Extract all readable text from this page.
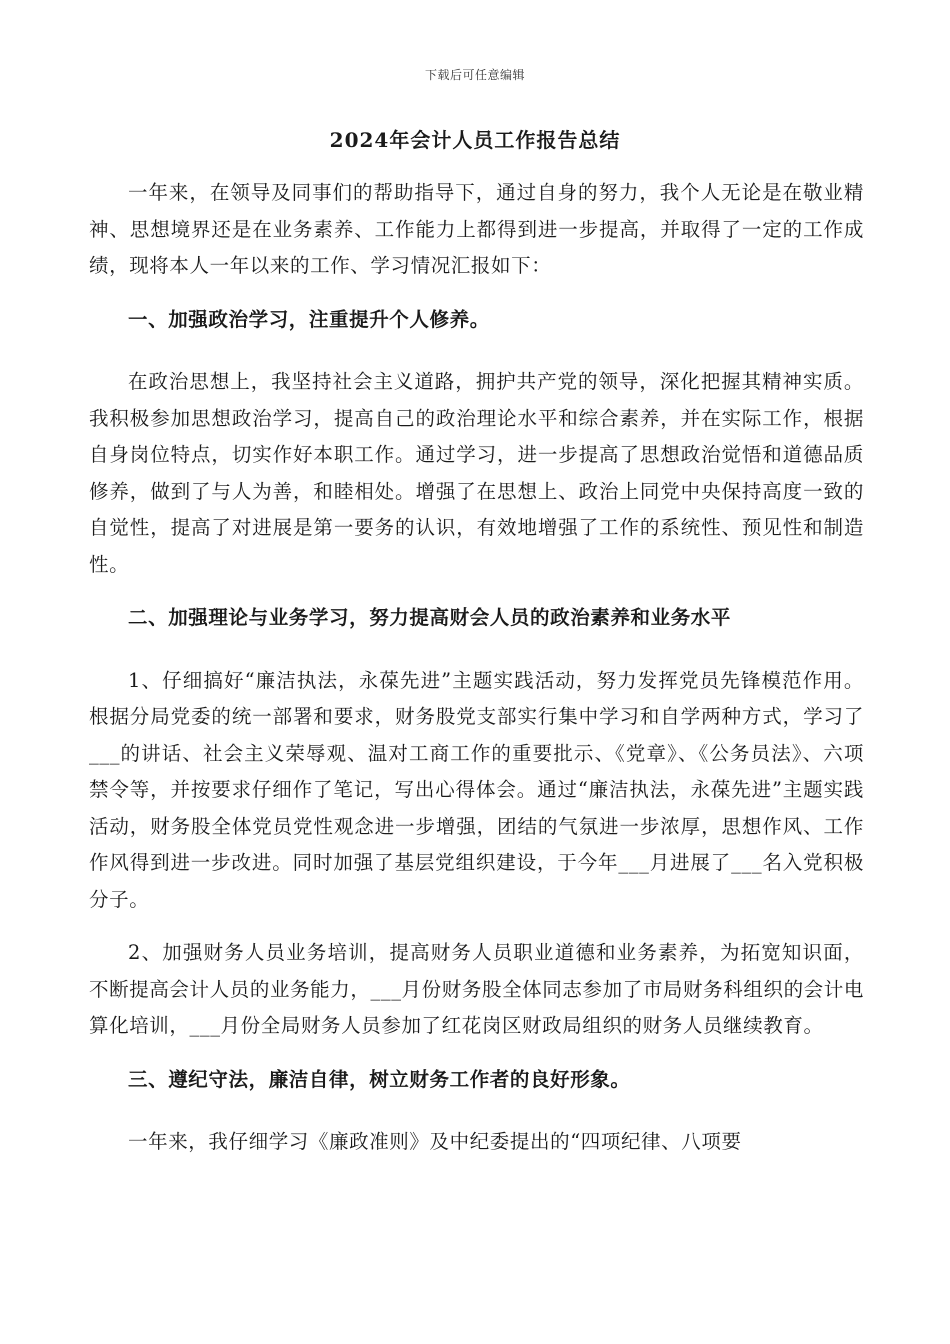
下载后可任意编辑
2024年会计人员工作报告总结

一年来，在领导及同事们的帮助指导下，通过自身的努力，我个人无论是在敬业精神、思想境界还是在业务素养、工作能力上都得到进一步提高，并取得了一定的工作成绩，现将本人一年以来的工作、学习情况汇报如下：

一、加强政治学习，注重提升个人修养。

在政治思想上，我坚持社会主义道路，拥护共产党的领导，深化把握其精神实质。我积极参加思想政治学习，提高自己的政治理论水平和综合素养，并在实际工作，根据自身岗位特点，切实作好本职工作。通过学习，进一步提高了思想政治觉悟和道德品质修养，做到了与人为善，和睦相处。增强了在思想上、政治上同党中央保持高度一致的自觉性，提高了对进展是第一要务的认识，有效地增强了工作的系统性、预见性和制造性。

二、加强理论与业务学习，努力提高财会人员的政治素养和业务水平

1、仔细搞好“廉洁执法，永葆先进”主题实践活动，努力发挥党员先锋模范作用。根据分局党委的统一部署和要求，财务股党支部实行集中学习和自学两种方式，学习了___的讲话、社会主义荣辱观、温对工商工作的重要批示、《党章》、《公务员法》、六项禁令等，并按要求仔细作了笔记，写出心得体会。通过“廉洁执法，永葆先进”主题实践活动，财务股全体党员党性观念进一步增强，团结的气氛进一步浓厚，思想作风、工作作风得到进一步改进。同时加强了基层党组织建设，于今年___月进展了___名入党积极分子。

2、加强财务人员业务培训，提高财务人员职业道德和业务素养，为拓宽知识面，不断提高会计人员的业务能力，___月份财务股全体同志参加了市局财务科组织的会计电算化培训，___月份全局财务人员参加了红花岗区财政局组织的财务人员继续教育。

三、遵纪守法，廉洁自律，树立财务工作者的良好形象。

一年来，我仔细学习《廉政准则》及中纪委提出的“四项纪律、八项要
